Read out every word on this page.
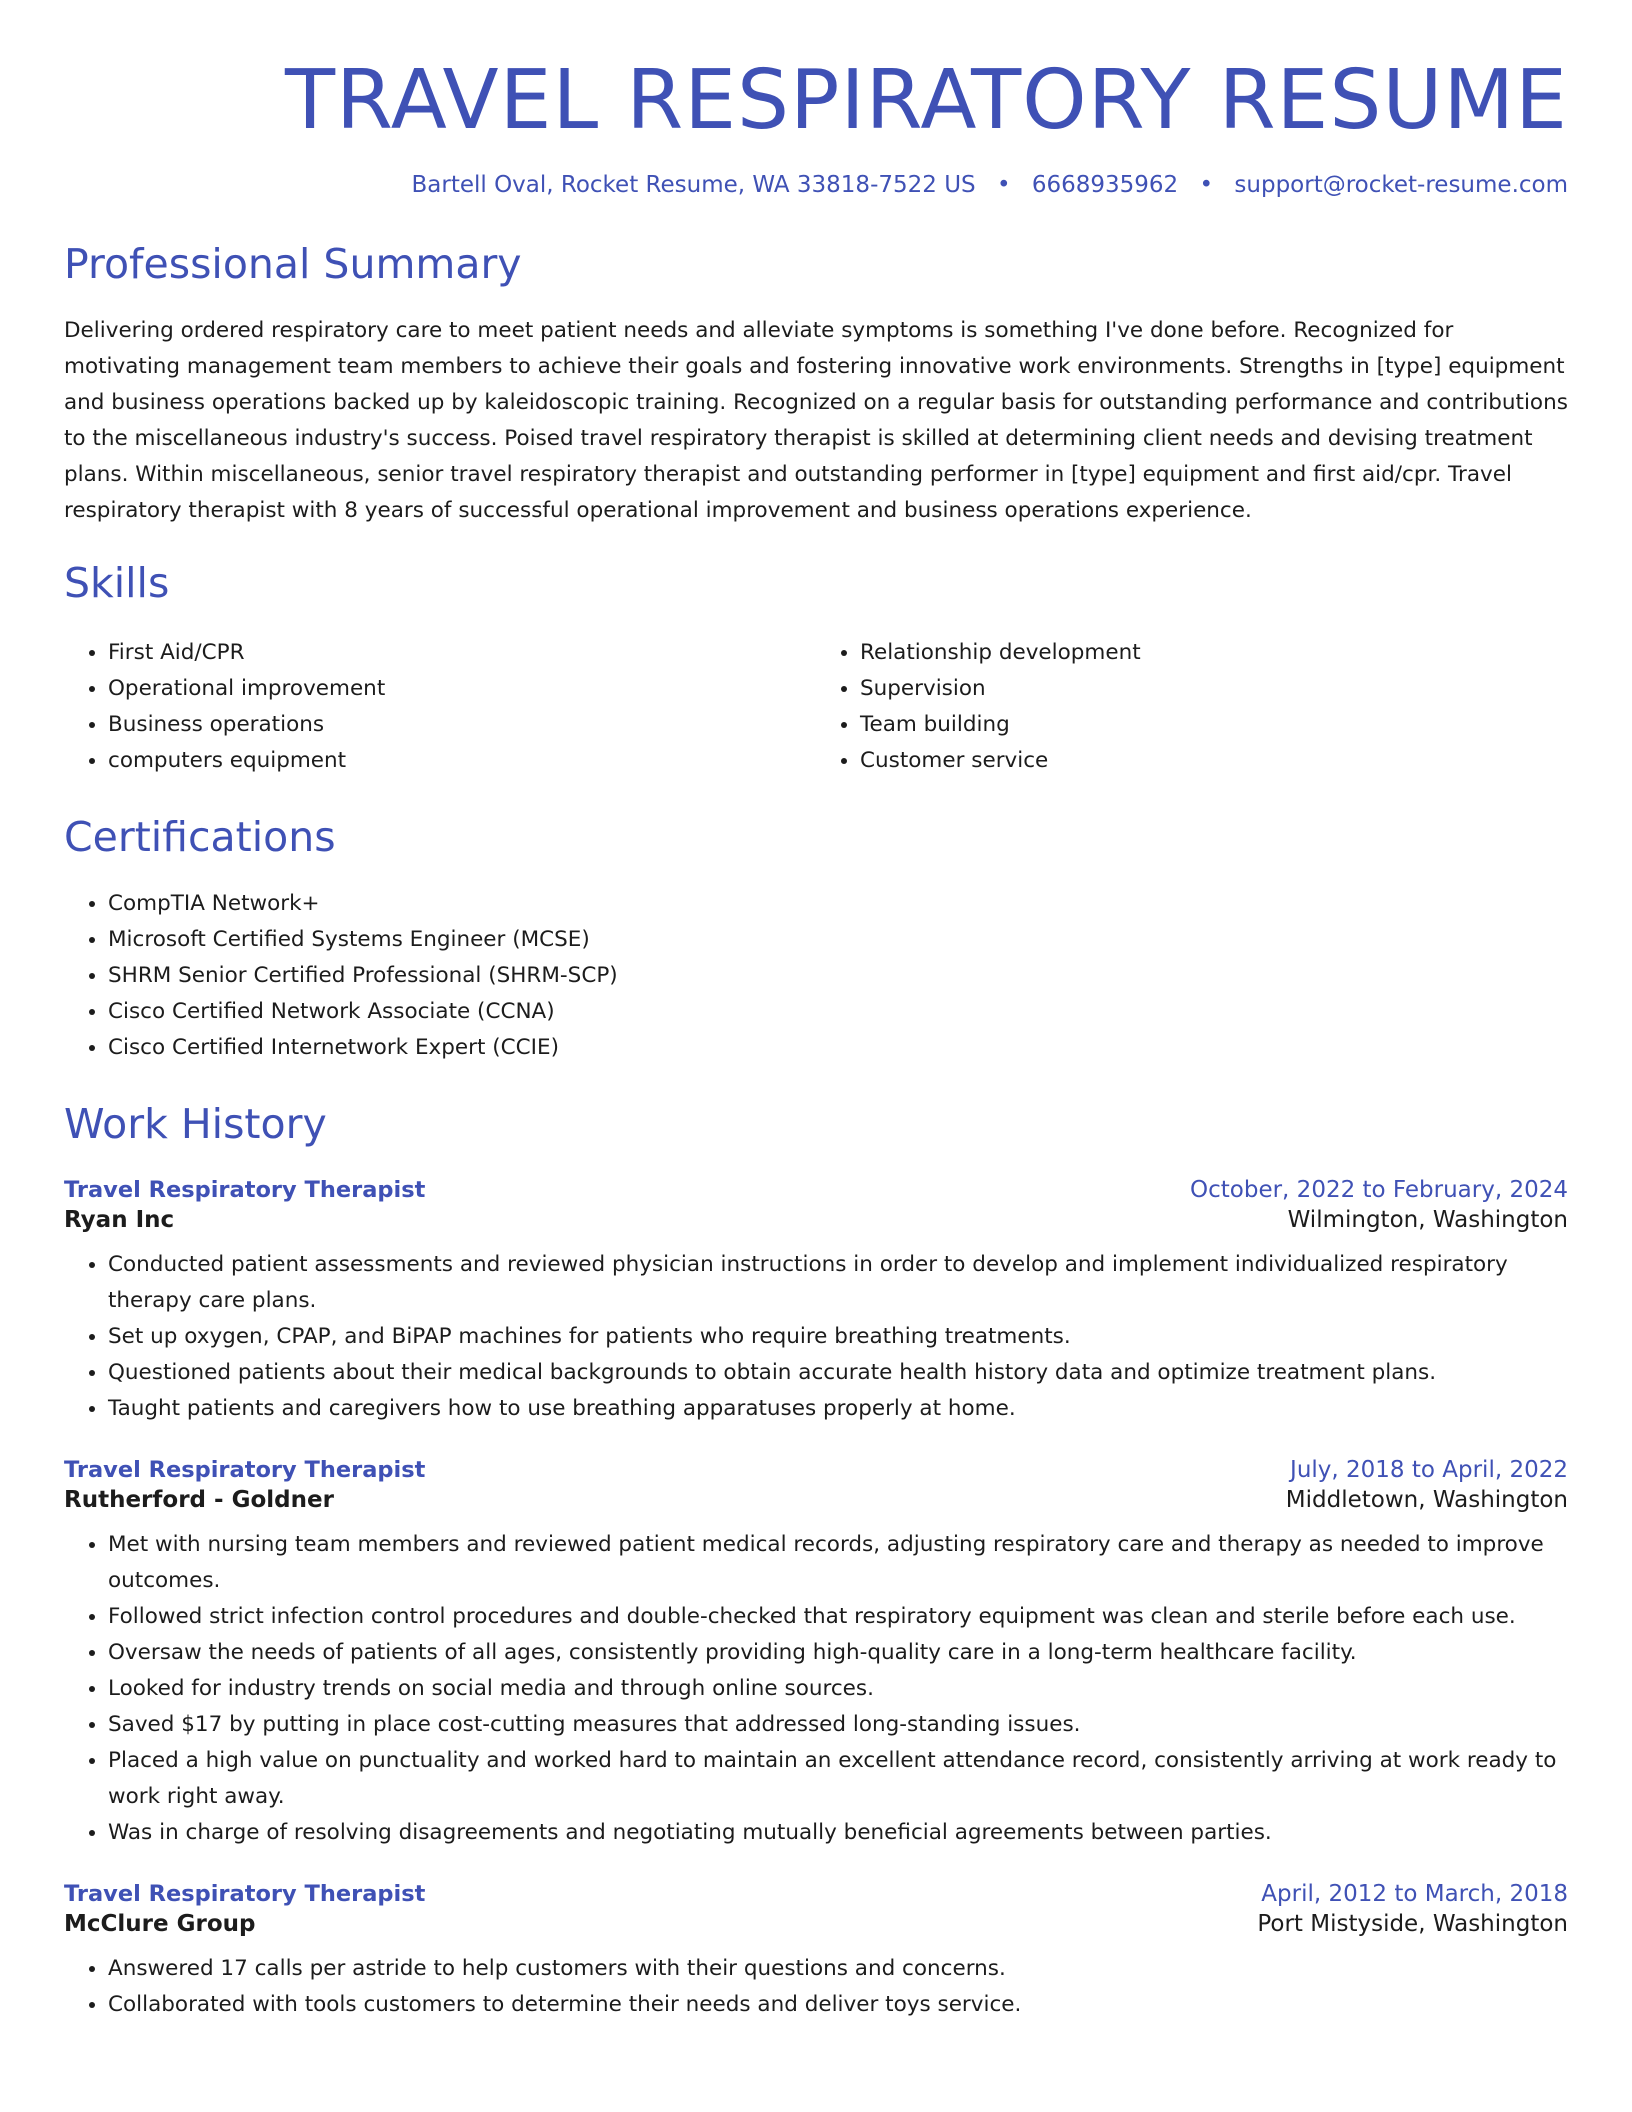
TRAVEL RESPIRATORY RESUME
Bartell Oval, Rocket Resume, WA 33818-7522 US • 6668935962 • support@rocket-resume.com
Professional Summary

Delivering ordered respiratory care to meet patient needs and alleviate symptoms is something I've done before. Recognized for motivating management team members to achieve their goals and fostering innovative work environments. Strengths in [type] equipment and business operations backed up by kaleidoscopic training. Recognized on a regular basis for outstanding performance and contributions to the miscellaneous industry's success. Poised travel respiratory therapist is skilled at determining client needs and devising treatment plans. Within miscellaneous, senior travel respiratory therapist and outstanding performer in [type] equipment and first aid/cpr. Travel respiratory therapist with 8 years of successful operational improvement and business operations experience.

Skills
• First Aid/CPR
• Operational improvement
• Business operations
• computers equipment
• Relationship development
• Supervision
• Team building
• Customer service
Certifications
• CompTIA Network+
• Microsoft Certified Systems Engineer (MCSE)
• SHRM Senior Certified Professional (SHRM-SCP)
• Cisco Certified Network Associate (CCNA)
• Cisco Certified Internetwork Expert (CCIE)
Work History
Travel Respiratory Therapist	October, 2022 to February, 2024
Ryan Inc	Wilmington, Washington
• Conducted patient assessments and reviewed physician instructions in order to develop and implement individualized respiratory therapy care plans.
• Set up oxygen, CPAP, and BiPAP machines for patients who require breathing treatments.
• Questioned patients about their medical backgrounds to obtain accurate health history data and optimize treatment plans.
• Taught patients and caregivers how to use breathing apparatuses properly at home.
Travel Respiratory Therapist	July, 2018 to April, 2022
Rutherford - Goldner	Middletown, Washington
• Met with nursing team members and reviewed patient medical records, adjusting respiratory care and therapy as needed to improve outcomes.
• Followed strict infection control procedures and double-checked that respiratory equipment was clean and sterile before each use.
• Oversaw the needs of patients of all ages, consistently providing high-quality care in a long-term healthcare facility.
• Looked for industry trends on social media and through online sources.
• Saved $17 by putting in place cost-cutting measures that addressed long-standing issues.
• Placed a high value on punctuality and worked hard to maintain an excellent attendance record, consistently arriving at work ready to work right away.
• Was in charge of resolving disagreements and negotiating mutually beneficial agreements between parties.
Travel Respiratory Therapist	April, 2012 to March, 2018
McClure Group	Port Mistyside, Washington
• Answered 17 calls per astride to help customers with their questions and concerns.
• Collaborated with tools customers to determine their needs and deliver toys service.
